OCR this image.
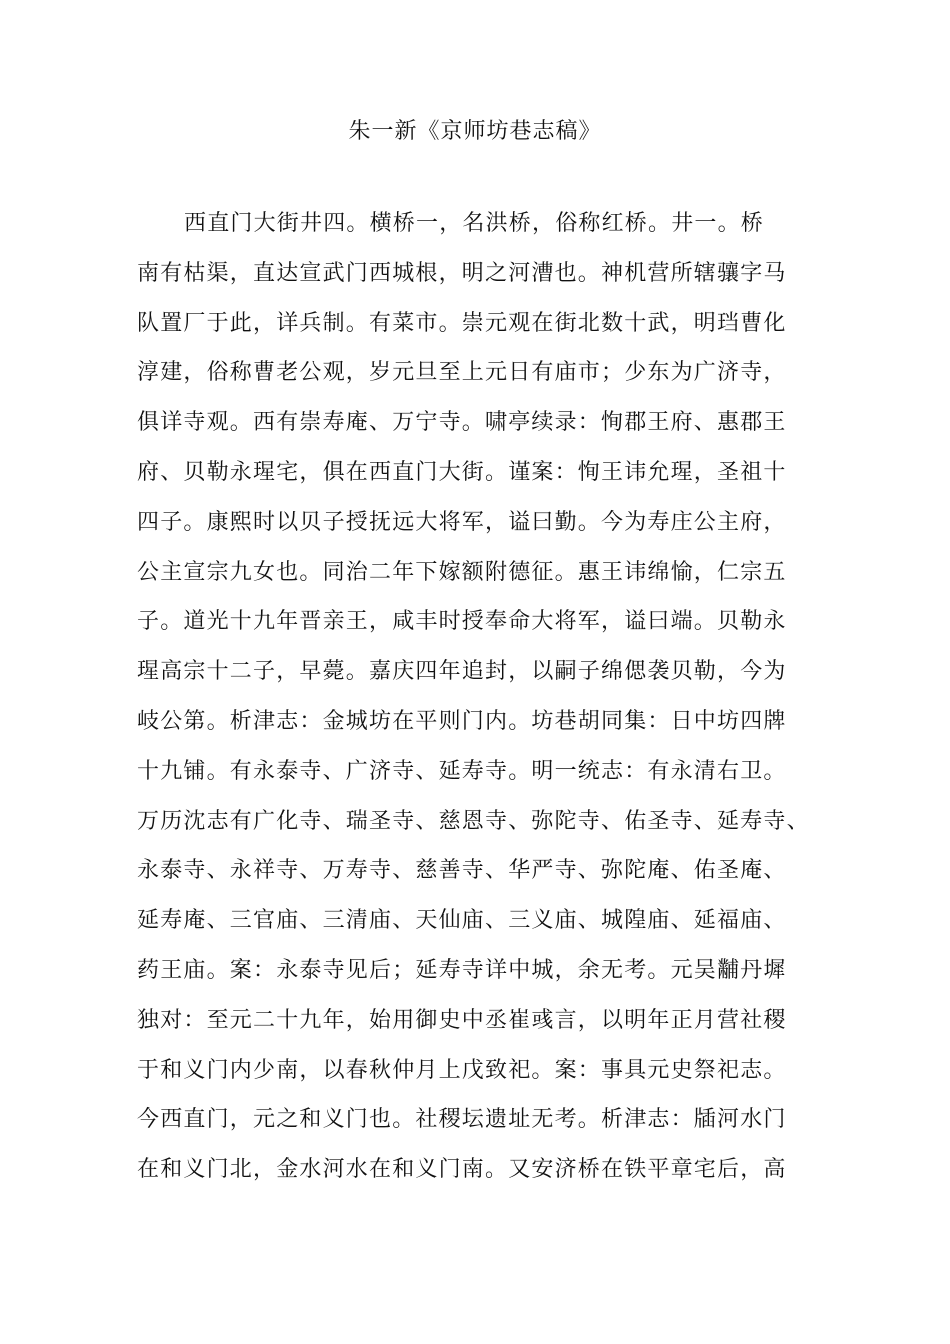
朱一新《京师坊巷志稿》
西直门大街井四。横桥一，名洪桥，俗称红桥。井一。桥
南有枯渠，直达宣武门西城根，明之河漕也。神机营所辖骧字马
队置厂于此，详兵制。有菜市。崇元观在街北数十武，明珰曹化
淳建，俗称曹老公观，岁元旦至上元日有庙市；少东为广济寺，
俱详寺观。西有崇寿庵、万宁寺。啸亭续录：恂郡王府、惠郡王
府、贝勒永瑆宅，俱在西直门大街。谨案：恂王讳允瑆，圣祖十
四子。康熙时以贝子授抚远大将军，谥曰勤。今为寿庄公主府，
公主宣宗九女也。同治二年下嫁额附德征。惠王讳绵愉，仁宗五
子。道光十九年晋亲王，咸丰时授奉命大将军，谥曰端。贝勒永
瑆高宗十二子，早薨。嘉庆四年追封，以嗣子绵偲袭贝勒，今为
岐公第。析津志：金城坊在平则门内。坊巷胡同集：日中坊四牌
十九铺。有永泰寺、广济寺、延寿寺。明一统志：有永清右卫。
万历沈志有广化寺、瑞圣寺、慈恩寺、弥陀寺、佑圣寺、延寿寺、
永泰寺、永祥寺、万寿寺、慈善寺、华严寺、弥陀庵、佑圣庵、
延寿庵、三官庙、三清庙、天仙庙、三义庙、城隍庙、延福庙、
药王庙。案：永泰寺见后；延寿寺详中城，余无考。元吴黼丹墀
独对：至元二十九年，始用御史中丞崔彧言，以明年正月营社稷
于和义门内少南，以春秋仲月上戊致祀。案：事具元史祭祀志。
今西直门，元之和义门也。社稷坛遗址无考。析津志：牐河水门
在和义门北，金水河水在和义门南。又安济桥在铁平章宅后，高
